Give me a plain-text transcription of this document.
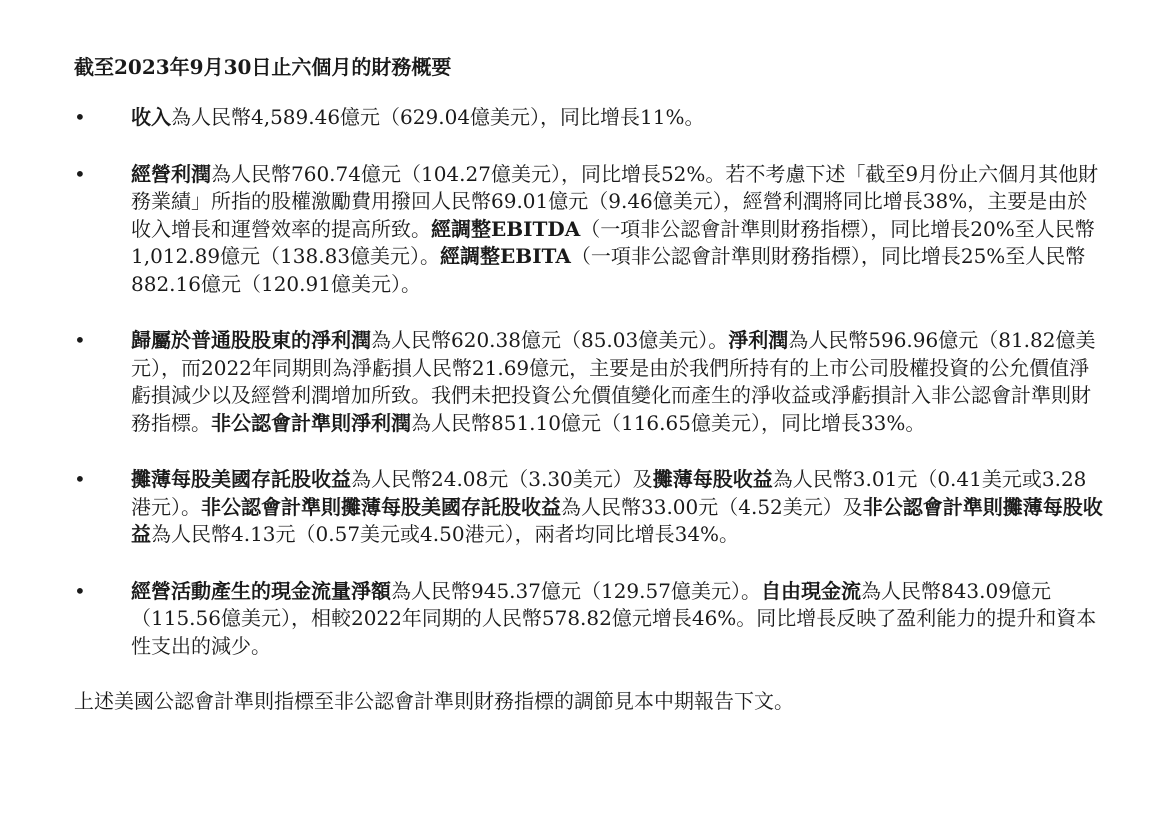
截至2023年9月30日止六個月的財務概要
•	收入為人民幣4,589.46億元（629.04億美元），同比增長11%。
•	經營利潤為人民幣760.74億元（104.27億美元），同比增長52%。若不考慮下述「截至9月份止六個月其他財務業績」所指的股權激勵費用撥回人民幣69.01億元（9.46億美元），經營利潤將同比增長38%，主要是由於收入增長和運營效率的提高所致。經調整EBITDA（一項非公認會計準則財務指標），同比增長20%至人民幣1,012.89億元（138.83億美元）。經調整EBITA（一項非公認會計準則財務指標），同比增長25%至人民幣882.16億元（120.91億美元）。
•	歸屬於普通股股東的淨利潤為人民幣620.38億元（85.03億美元）。淨利潤為人民幣596.96億元（81.82億美元），而2022年同期則為淨虧損人民幣21.69億元，主要是由於我們所持有的上市公司股權投資的公允價值淨虧損減少以及經營利潤增加所致。我們未把投資公允價值變化而產生的淨收益或淨虧損計入非公認會計準則財務指標。非公認會計準則淨利潤為人民幣851.10億元（116.65億美元），同比增長33%。
•	攤薄每股美國存託股收益為人民幣24.08元（3.30美元）及攤薄每股收益為人民幣3.01元（0.41美元或3.28港元）。非公認會計準則攤薄每股美國存託股收益為人民幣33.00元（4.52美元）及非公認會計準則攤薄每股收益為人民幣4.13元（0.57美元或4.50港元），兩者均同比增長34%。
•	經營活動產生的現金流量淨額為人民幣945.37億元（129.57億美元）。自由現金流為人民幣843.09億元（115.56億美元），相較2022年同期的人民幣578.82億元增長46%。同比增長反映了盈利能力的提升和資本性支出的減少。
上述美國公認會計準則指標至非公認會計準則財務指標的調節見本中期報告下文。
